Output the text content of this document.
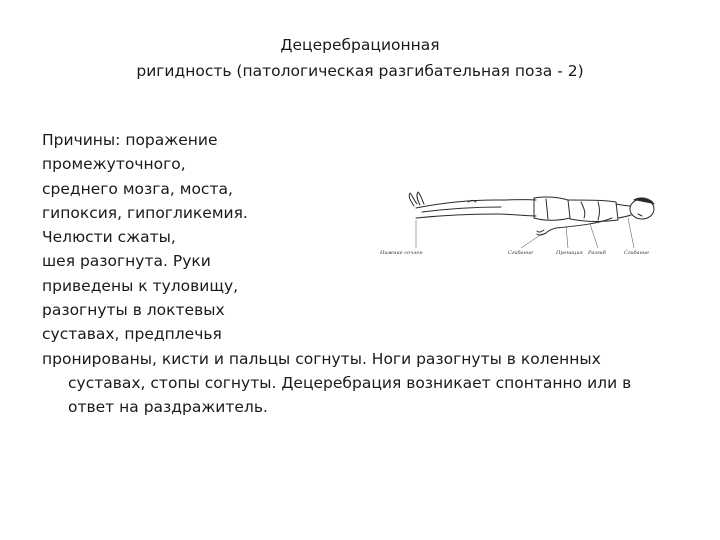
Децеребрационная
ригидность (патологическая разгибательная поза - 2)
Причины: поражение
промежуточного,
среднего мозга, моста,
гипоксия, гипогликемия.
Челюсти сжаты,
шея разогнута. Руки
приведены к туловищу,
разогнуты в локтевых
суставах, предплечья
пронированы, кисти и пальцы согнуты. Ноги разогнуты в коленных
суставах, стопы согнуты. Децеребрация возникает спонтанно или в
ответ на раздражитель.
Нижние сочлен	Сгибание	Пронация Разгиб	Сгибание
